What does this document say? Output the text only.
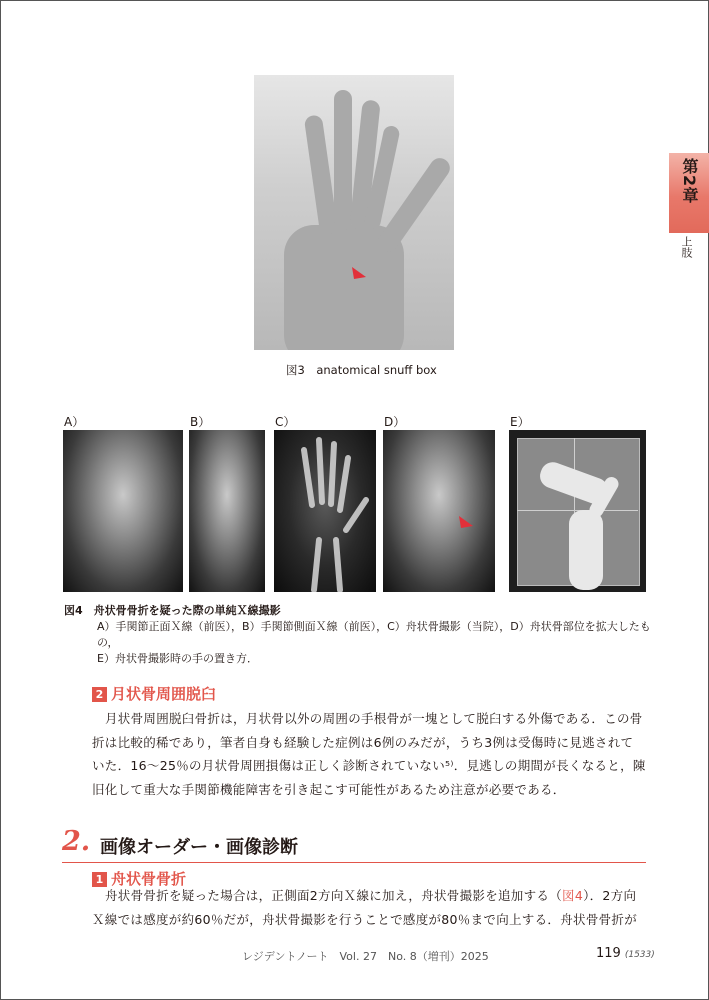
第2章
上肢
図3　anatomical snuff box
A）	B）	C）	D）	E）
図4　舟状骨骨折を疑った際の単純Ｘ線撮影
A）手関節正面Ｘ線（前医），B）手関節側面Ｘ線（前医），C）舟状骨撮影（当院），D）舟状骨部位を拡大したもの，
E）舟状骨撮影時の手の置き方．
2 月状骨周囲脱臼

月状骨周囲脱臼骨折は，月状骨以外の周囲の手根骨が一塊として脱臼する外傷である．この骨

折は比較的稀であり，筆者自身も経験した症例は6例のみだが，うち3例は受傷時に見逃されて

いた．16～25％の月状骨周囲損傷は正しく診断されていない⁵⁾．見逃しの期間が長くなると，陳

旧化して重大な手関節機能障害を引き起こす可能性があるため注意が必要である．

2. 画像オーダー・画像診断
1 舟状骨骨折

舟状骨骨折を疑った場合は，正側面2方向Ｘ線に加え，舟状骨撮影を追加する（図4）．2方向

Ｘ線では感度が約60％だが，舟状骨撮影を行うことで感度が80％まで向上する．舟状骨骨折が

レジデントノート　Vol. 27　No. 8（増刊）2025	119 (1533)
